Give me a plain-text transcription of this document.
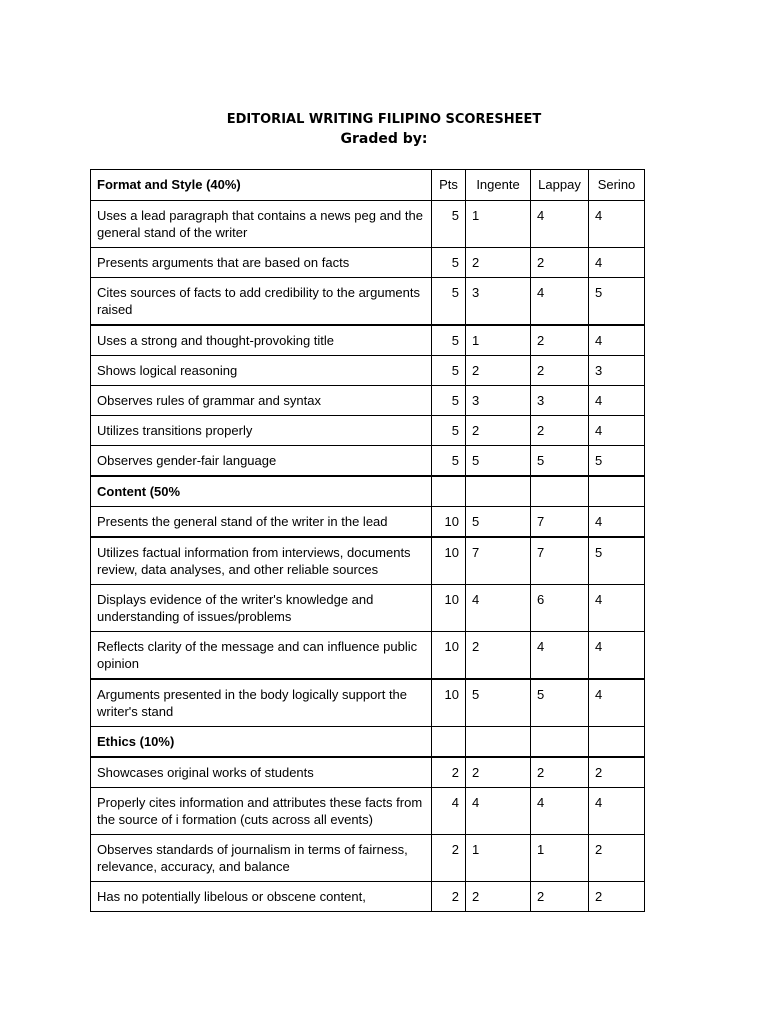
EDITORIAL WRITING FILIPINO SCORESHEET
Graded by:
Format and Style (40%)	Pts	Ingente	Lappay	Serino
Uses a lead paragraph that contains a news peg and the general stand of the writer	5	1	4	4
Presents arguments that are based on facts	5	2	2	4
Cites sources of facts to add credibility to the arguments raised	5	3	4	5
Uses a strong and thought-provoking title	5	1	2	4
Shows logical reasoning	5	2	2	3
Observes rules of grammar and syntax	5	3	3	4
Utilizes transitions properly	5	2	2	4
Observes gender-fair language	5	5	5	5
Content (50%				
Presents the general stand of the writer in the lead	10	5	7	4
Utilizes factual information from interviews, documents review, data analyses, and other reliable sources	10	7	7	5
Displays evidence of the writer's knowledge and understanding of issues/problems	10	4	6	4
Reflects clarity of the message and can influence public opinion	10	2	4	4
Arguments presented in the body logically support the writer's stand	10	5	5	4
Ethics (10%)				
Showcases original works of students	2	2	2	2
Properly cites information and attributes these facts from the source of i formation (cuts across all events)	4	4	4	4
Observes standards of journalism in terms of fairness, relevance, accuracy, and balance	2	1	1	2
Has no potentially libelous or obscene content,	2	2	2	2
